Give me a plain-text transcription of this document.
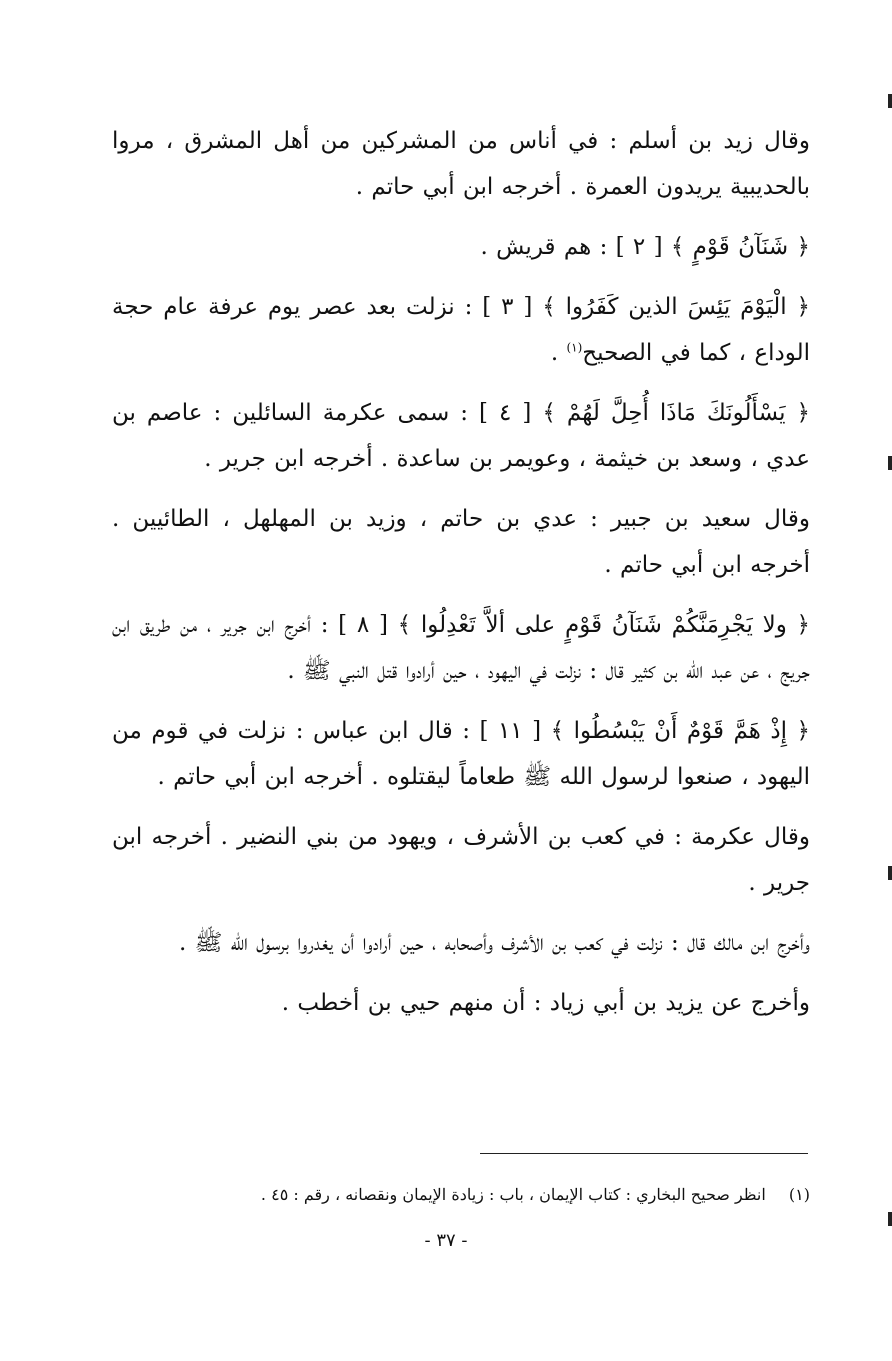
وقال زيد بن أسلم : في أناس من المشركين من أهل المشرق ، مروا بالحديبية يريدون العمرة . أخرجه ابن أبي حاتم .

﴿ شَنَآنُ قَوْمٍ ﴾ [ ٢ ] : هم قريش .

﴿ الْيَوْمَ يَئِسَ الذين كَفَرُوا ﴾ [ ٣ ] : نزلت بعد عصر يوم عرفة عام حجة الوداع ، كما في الصحيح$^{(١)}$ .

﴿ يَسْأَلُونَكَ مَاذَا أُحِلَّ لَهُمْ ﴾ [ ٤ ] : سمى عكرمة السائلين : عاصم بن عدي ، وسعد بن خيثمة ، وعويمر بن ساعدة . أخرجه ابن جرير .

وقال سعيد بن جبير : عدي بن حاتم ، وزيد بن المهلهل ، الطائيين . أخرجه ابن أبي حاتم .

﴿ ولا يَجْرِمَنَّكُمْ شَنَآنُ قَوْمٍ على ألاَّ تَعْدِلُوا ﴾ [ ٨ ] : أخرج ابن جرير ، من طريق ابن جريج ، عن عبد الله بن كثير قال : نزلت في اليهود ، حين أرادوا قتل النبي ﷺ .

﴿ إِذْ هَمَّ قَوْمٌ أَنْ يَبْسُطُوا ﴾ [ ١١ ] : قال ابن عباس : نزلت في قوم من اليهود ، صنعوا لرسول الله ﷺ طعاماً ليقتلوه . أخرجه ابن أبي حاتم .

وقال عكرمة : في كعب بن الأشرف ، ويهود من بني النضير . أخرجه ابن جرير .

وأخرج ابن مالك قال : نزلت في كعب بن الأشرف وأصحابه ، حين أرادوا أن يغدروا برسول الله ﷺ .

وأخرج عن يزيد بن أبي زياد : أن منهم حيي بن أخطب .

(١) انظر صحيح البخاري : كتاب الإيمان ، باب : زيادة الإيمان ونقصانه ، رقم : ٤٥ .
- ٣٧ -
